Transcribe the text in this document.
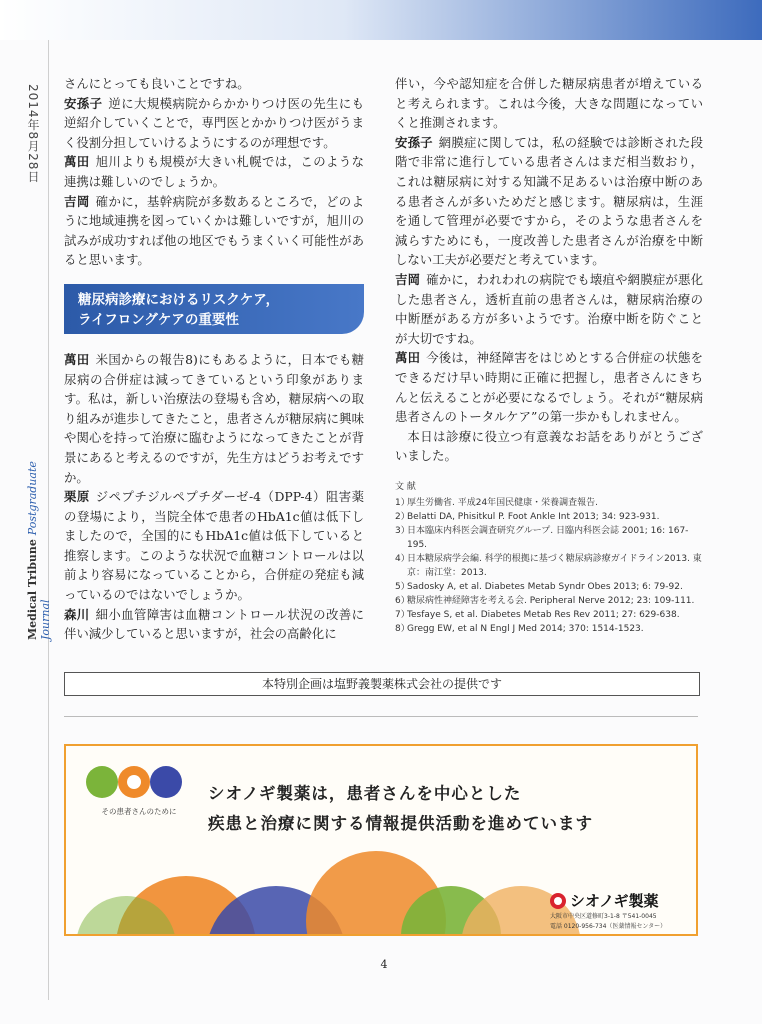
2014年8月28日
Medical Tribune Postgraduate Journal

さんにとっても良いことですね。

安孫子 逆に大規模病院からかかりつけ医の先生にも逆紹介していくことで，専門医とかかりつけ医がうまく役割分担していけるようにするのが理想です。

萬田 旭川よりも規模が大きい札幌では，このような連携は難しいのでしょうか。

吉岡 確かに，基幹病院が多数あるところで，どのように地域連携を図っていくかは難しいですが，旭川の試みが成功すれば他の地区でもうまくいく可能性があると思います。

糖尿病診療におけるリスクケア，
ライフロングケアの重要性

萬田 米国からの報告8)にもあるように，日本でも糖尿病の合併症は減ってきているという印象があります。私は，新しい治療法の登場も含め，糖尿病への取り組みが進歩してきたこと，患者さんが糖尿病に興味や関心を持って治療に臨むようになってきたことが背景にあると考えるのですが，先生方はどうお考えですか。

栗原 ジペプチジルペプチダーゼ-4（DPP-4）阻害薬の登場により，当院全体で患者のHbA1c値は低下しましたので，全国的にもHbA1c値は低下していると推察します。このような状況で血糖コントロールは以前より容易になっていることから，合併症の発症も減っているのではないでしょうか。

森川 細小血管障害は血糖コントロール状況の改善に伴い減少していると思いますが，社会の高齢化に

伴い，今や認知症を合併した糖尿病患者が増えていると考えられます。これは今後，大きな問題になっていくと推測されます。

安孫子 網膜症に関しては，私の経験では診断された段階で非常に進行している患者さんはまだ相当数おり，これは糖尿病に対する知識不足あるいは治療中断のある患者さんが多いためだと感じます。糖尿病は，生涯を通して管理が必要ですから，そのような患者さんを減らすためにも，一度改善した患者さんが治療を中断しない工夫が必要だと考えています。

吉岡 確かに，われわれの病院でも壊疽や網膜症が悪化した患者さん，透析直前の患者さんは，糖尿病治療の中断歴がある方が多いようです。治療中断を防ぐことが大切ですね。

萬田 今後は，神経障害をはじめとする合併症の状態をできるだけ早い時期に正確に把握し，患者さんにきちんと伝えることが必要になるでしょう。それが“糖尿病患者さんのトータルケア”の第一歩かもしれません。

本日は診療に役立つ有意義なお話をありがとうございました。

文 献
1）
厚生労働省. 平成24年国民健康・栄養調査報告.
2）
Belatti DA, Phisitkul P. Foot Ankle Int 2013; 34: 923-931.
3）
日本臨床内科医会調査研究グループ. 日臨内科医会誌 2001; 16: 167-195.
4）
日本糖尿病学会編. 科学的根拠に基づく糖尿病診療ガイドライン2013. 東京：南江堂：2013.
5）
Sadosky A, et al. Diabetes Metab Syndr Obes 2013; 6: 79-92.
6）
糖尿病性神経障害を考える会. Peripheral Nerve 2012; 23: 109-111.
7）
Tesfaye S, et al. Diabetes Metab Res Rev 2011; 27: 629-638.
8）
Gregg EW, et al N Engl J Med 2014; 370: 1514-1523.
本特別企画は塩野義製薬株式会社の提供です
その患者さんのために
シオノギ製薬は，患者さんを中心とした
疾患と治療に関する情報提供活動を進めています
シオノギ製薬
大阪市中央区道修町3-1-8 〒541-0045
電話 0120-956-734（医薬情報センター）
4
